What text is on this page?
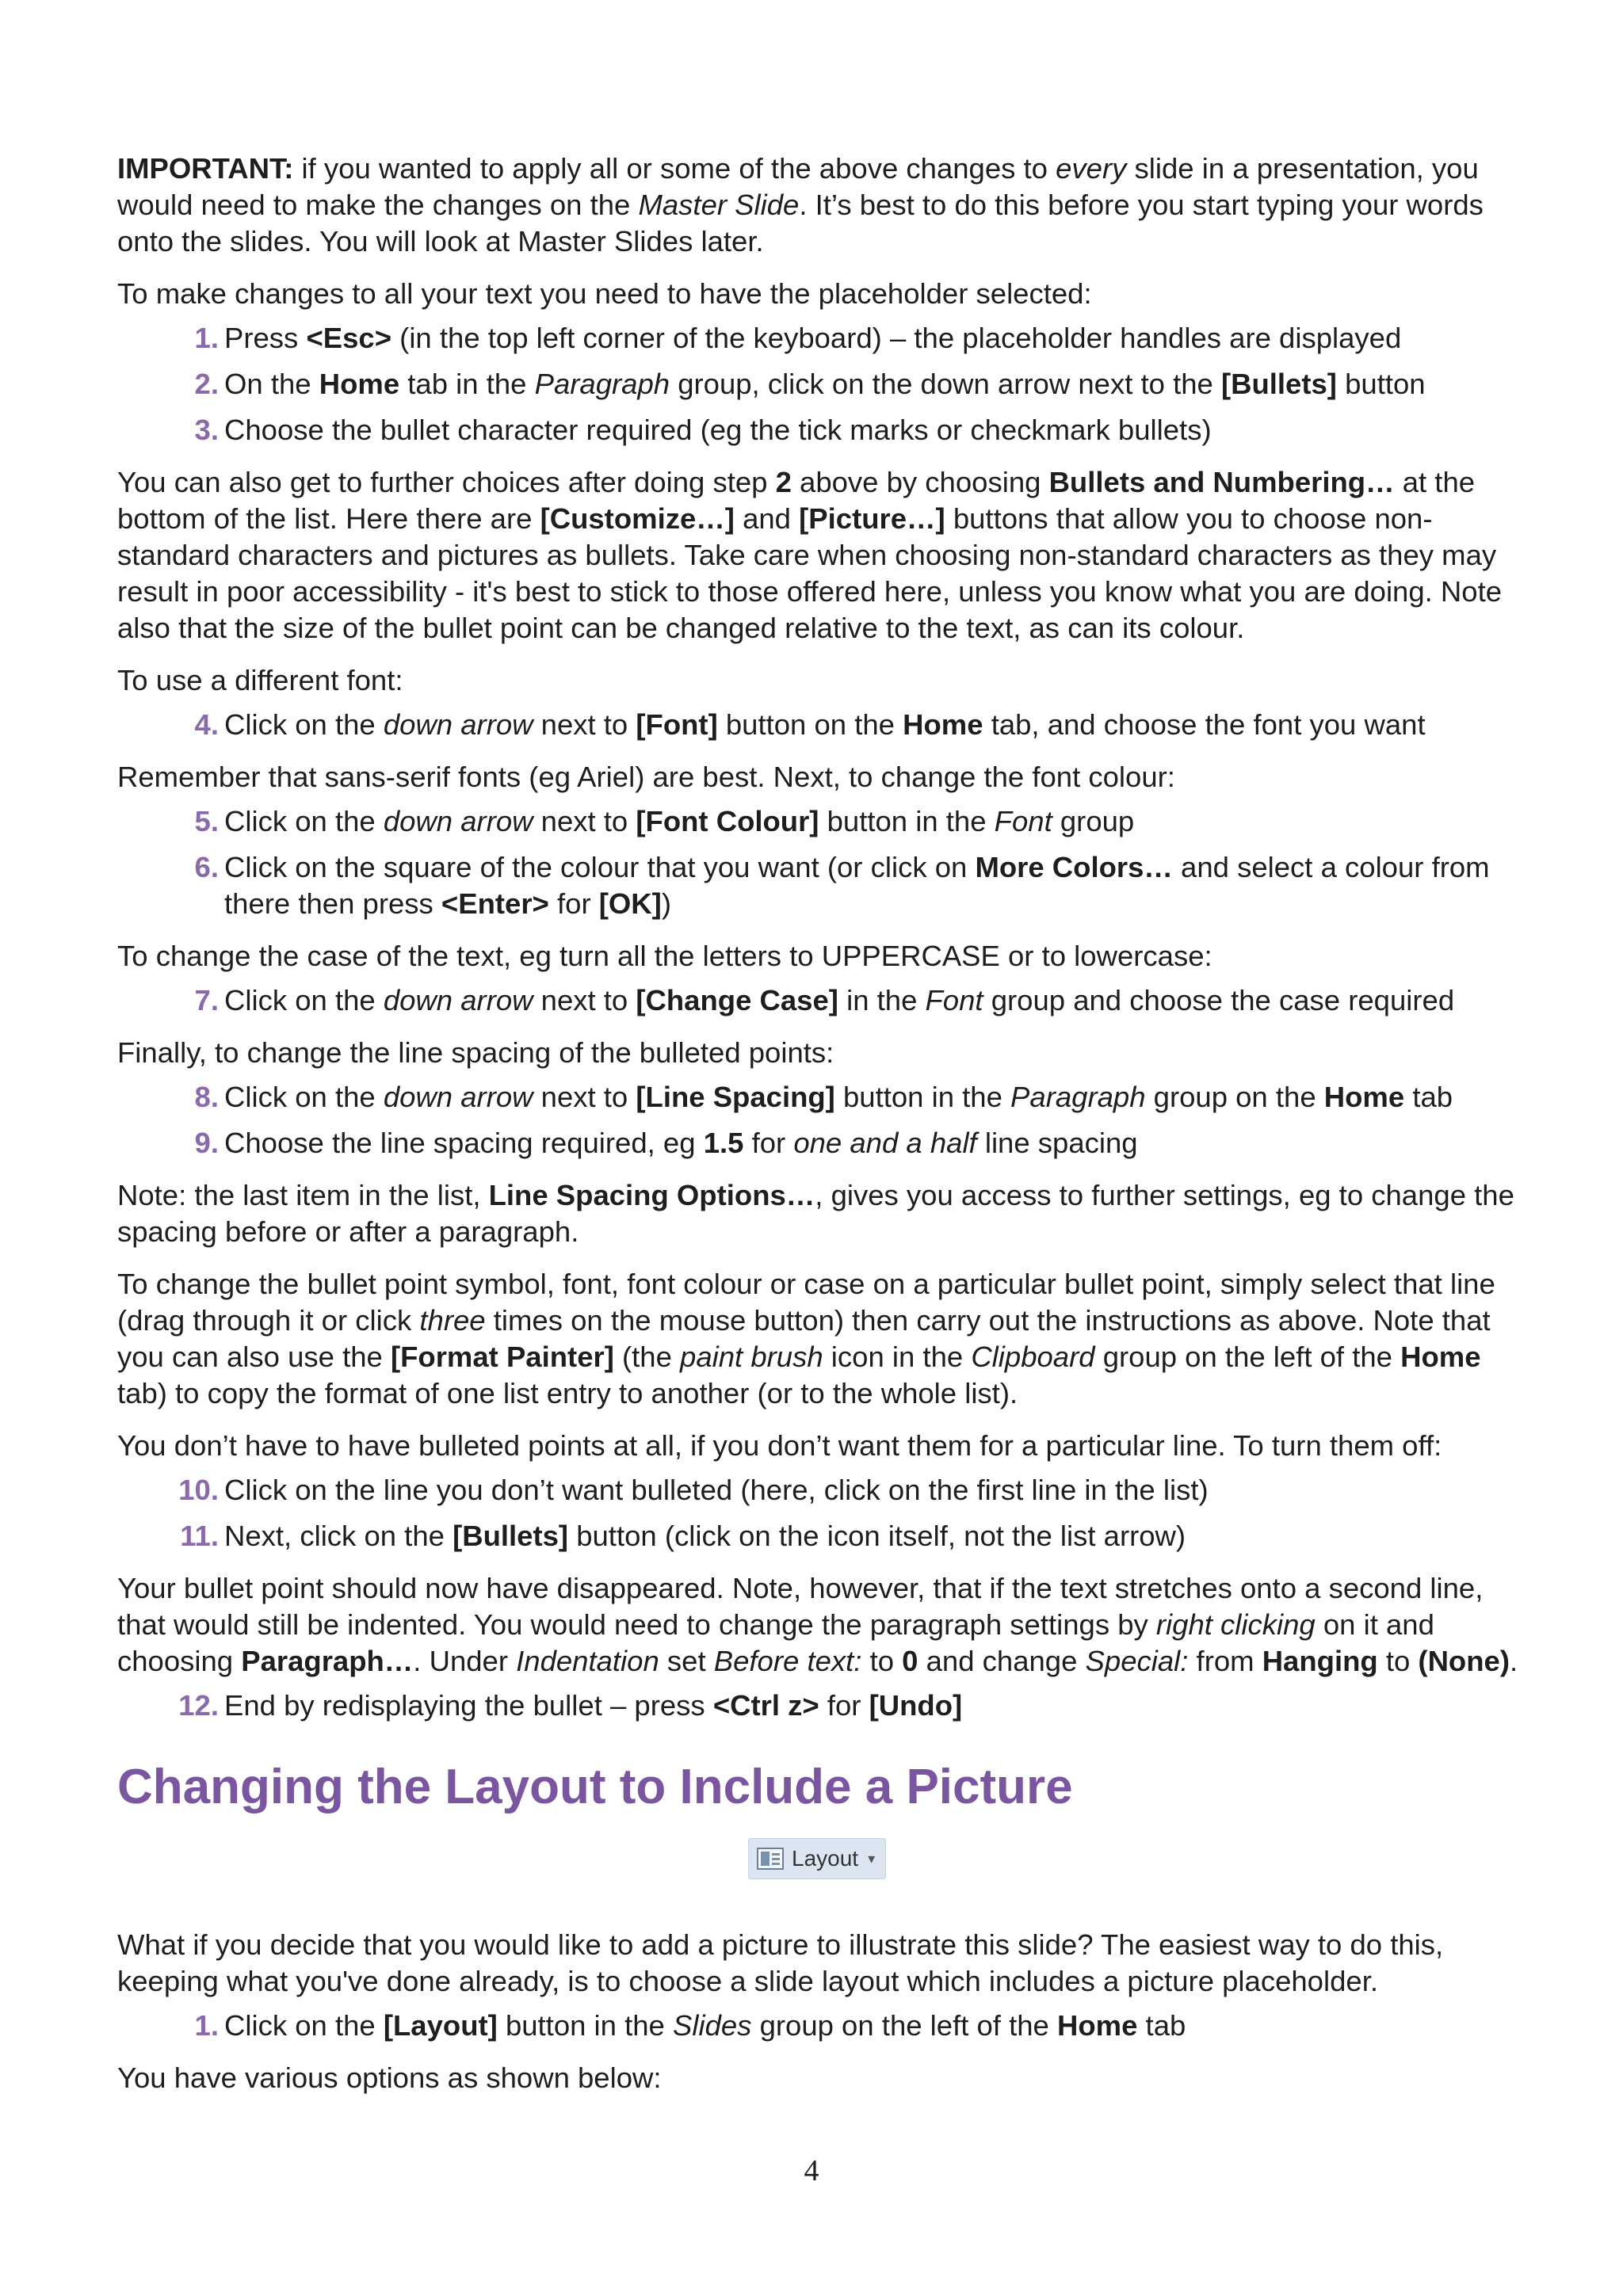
IMPORTANT: if you wanted to apply all or some of the above changes to every slide in a presentation, you would need to make the changes on the Master Slide. It’s best to do this before you start typing your words onto the slides. You will look at Master Slides later.

To make changes to all your text you need to have the placeholder selected:

1. Press <Esc> (in the top left corner of the keyboard) – the placeholder handles are displayed
2. On the Home tab in the Paragraph group, click on the down arrow next to the [Bullets] button
3. Choose the bullet character required (eg the tick marks or checkmark bullets)

You can also get to further choices after doing step 2 above by choosing Bullets and Numbering… at the bottom of the list. Here there are [Customize…] and [Picture…] buttons that allow you to choose non-standard characters and pictures as bullets. Take care when choosing non-standard characters as they may result in poor accessibility - it's best to stick to those offered here, unless you know what you are doing. Note also that the size of the bullet point can be changed relative to the text, as can its colour.

To use a different font:

4. Click on the down arrow next to [Font] button on the Home tab, and choose the font you want

Remember that sans-serif fonts (eg Ariel) are best. Next, to change the font colour:

5. Click on the down arrow next to [Font Colour] button in the Font group
6. Click on the square of the colour that you want (or click on More Colors… and select a colour from there then press <Enter> for [OK])

To change the case of the text, eg turn all the letters to UPPERCASE or to lowercase:

7. Click on the down arrow next to [Change Case] in the Font group and choose the case required

Finally, to change the line spacing of the bulleted points:

8. Click on the down arrow next to [Line Spacing] button in the Paragraph group on the Home tab
9. Choose the line spacing required, eg 1.5 for one and a half line spacing

Note: the last item in the list, Line Spacing Options…, gives you access to further settings, eg to change the spacing before or after a paragraph.

To change the bullet point symbol, font, font colour or case on a particular bullet point, simply select that line (drag through it or click three times on the mouse button) then carry out the instructions as above. Note that you can also use the [Format Painter] (the paint brush icon in the Clipboard group on the left of the Home tab) to copy the format of one list entry to another (or to the whole list).

You don’t have to have bulleted points at all, if you don’t want them for a particular line. To turn them off:

10. Click on the line you don’t want bulleted (here, click on the first line in the list)
11. Next, click on the [Bullets] button (click on the icon itself, not the list arrow)

Your bullet point should now have disappeared. Note, however, that if the text stretches onto a second line, that would still be indented. You would need to change the paragraph settings by right clicking on it and choosing Paragraph…. Under Indentation set Before text: to 0 and change Special: from Hanging to (None).

12. End by redisplaying the bullet – press <Ctrl z> for [Undo]
Changing the Layout to Include a Picture
Layout ▾

What if you decide that you would like to add a picture to illustrate this slide? The easiest way to do this, keeping what you've done already, is to choose a slide layout which includes a picture placeholder.

1. Click on the [Layout] button in the Slides group on the left of the Home tab

You have various options as shown below:

4
